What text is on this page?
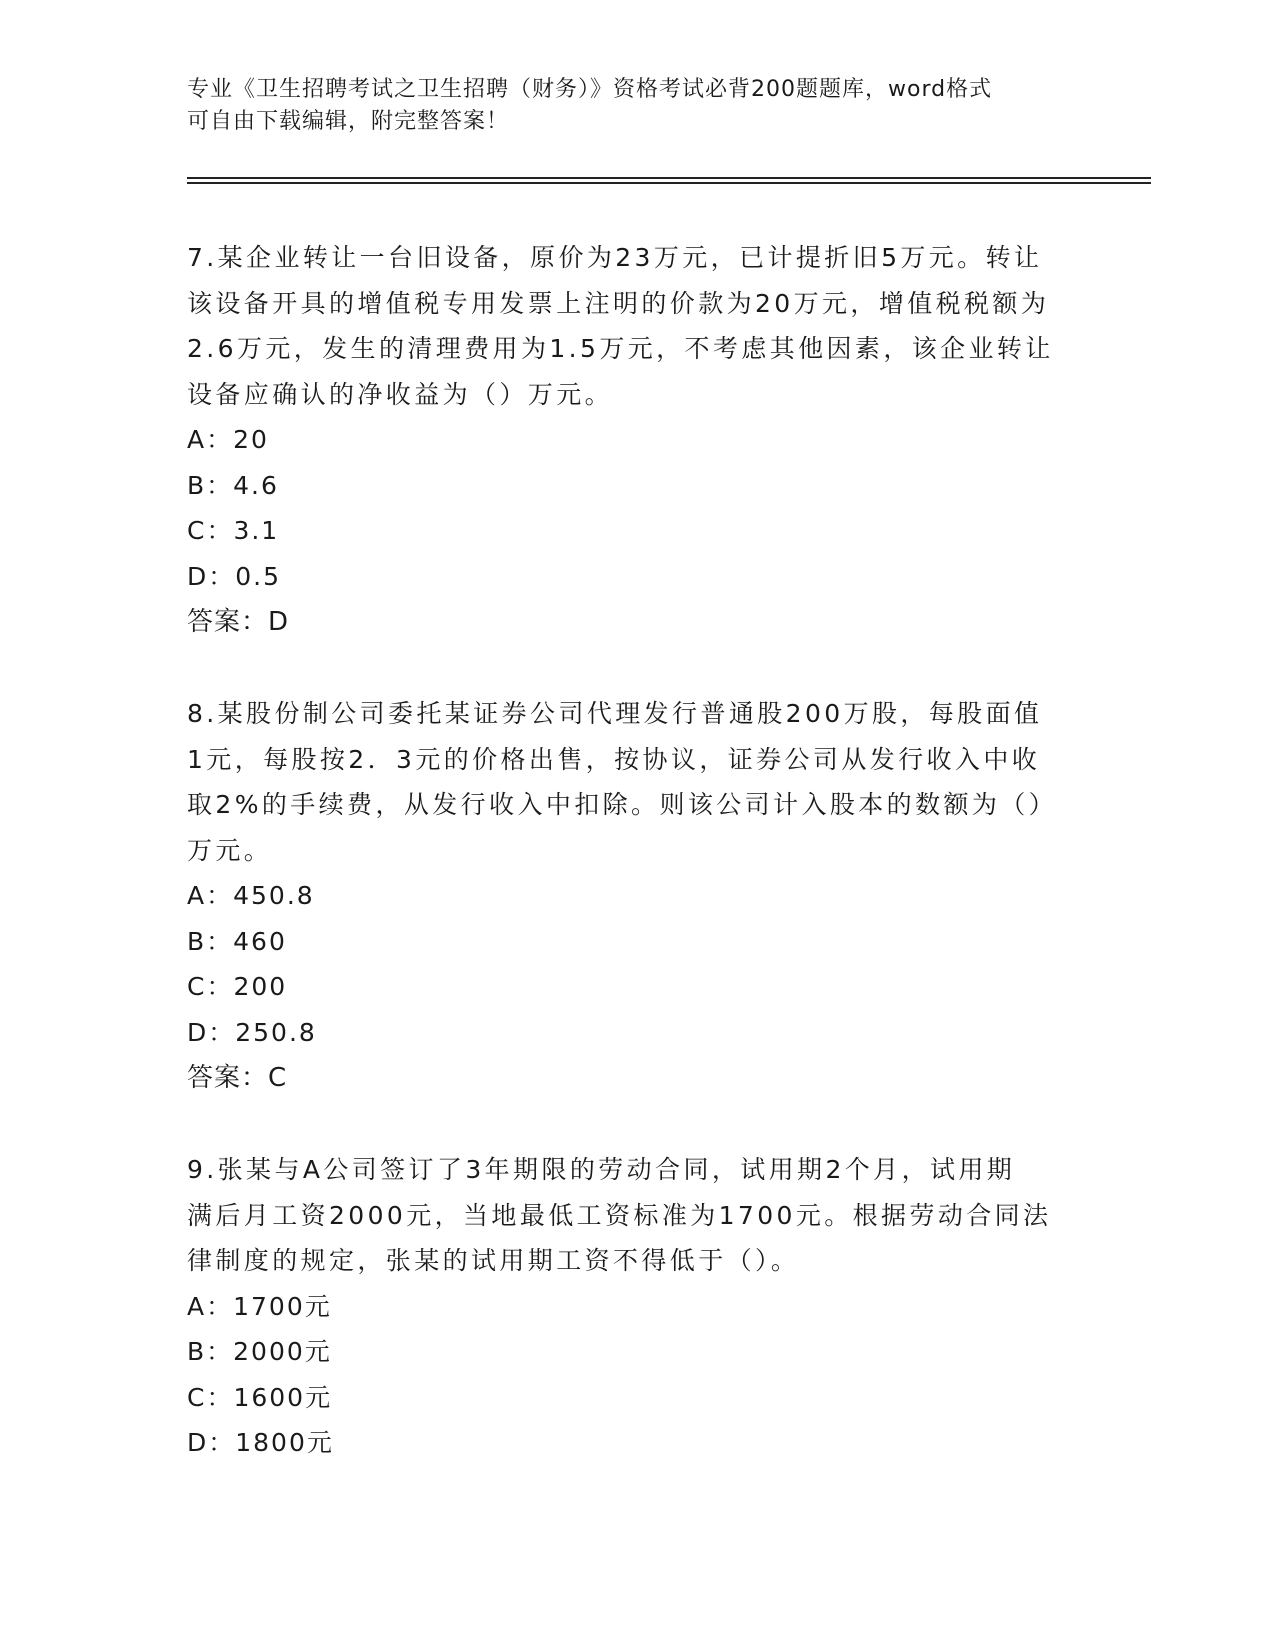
专业《卫生招聘考试之卫生招聘（财务）》资格考试必背200题题库，word格式
可自由下载编辑，附完整答案！

7.某企业转让一台旧设备，原价为23万元，已计提折旧5万元。转让

该设备开具的增值税专用发票上注明的价款为20万元，增值税税额为

2.6万元，发生的清理费用为1.5万元，不考虑其他因素，该企业转让

设备应确认的净收益为（）万元。

A：20

B：4.6

C：3.1

D：0.5

答案：D

8.某股份制公司委托某证券公司代理发行普通股200万股，每股面值

1元，每股按2．3元的价格出售，按协议，证券公司从发行收入中收

取2%的手续费，从发行收入中扣除。则该公司计入股本的数额为（）

万元。

A：450.8

B：460

C：200

D：250.8

答案：C

9.张某与A公司签订了3年期限的劳动合同，试用期2个月，试用期

满后月工资2000元，当地最低工资标准为1700元。根据劳动合同法

律制度的规定，张某的试用期工资不得低于（）。

A：1700元

B：2000元

C：1600元

D：1800元
